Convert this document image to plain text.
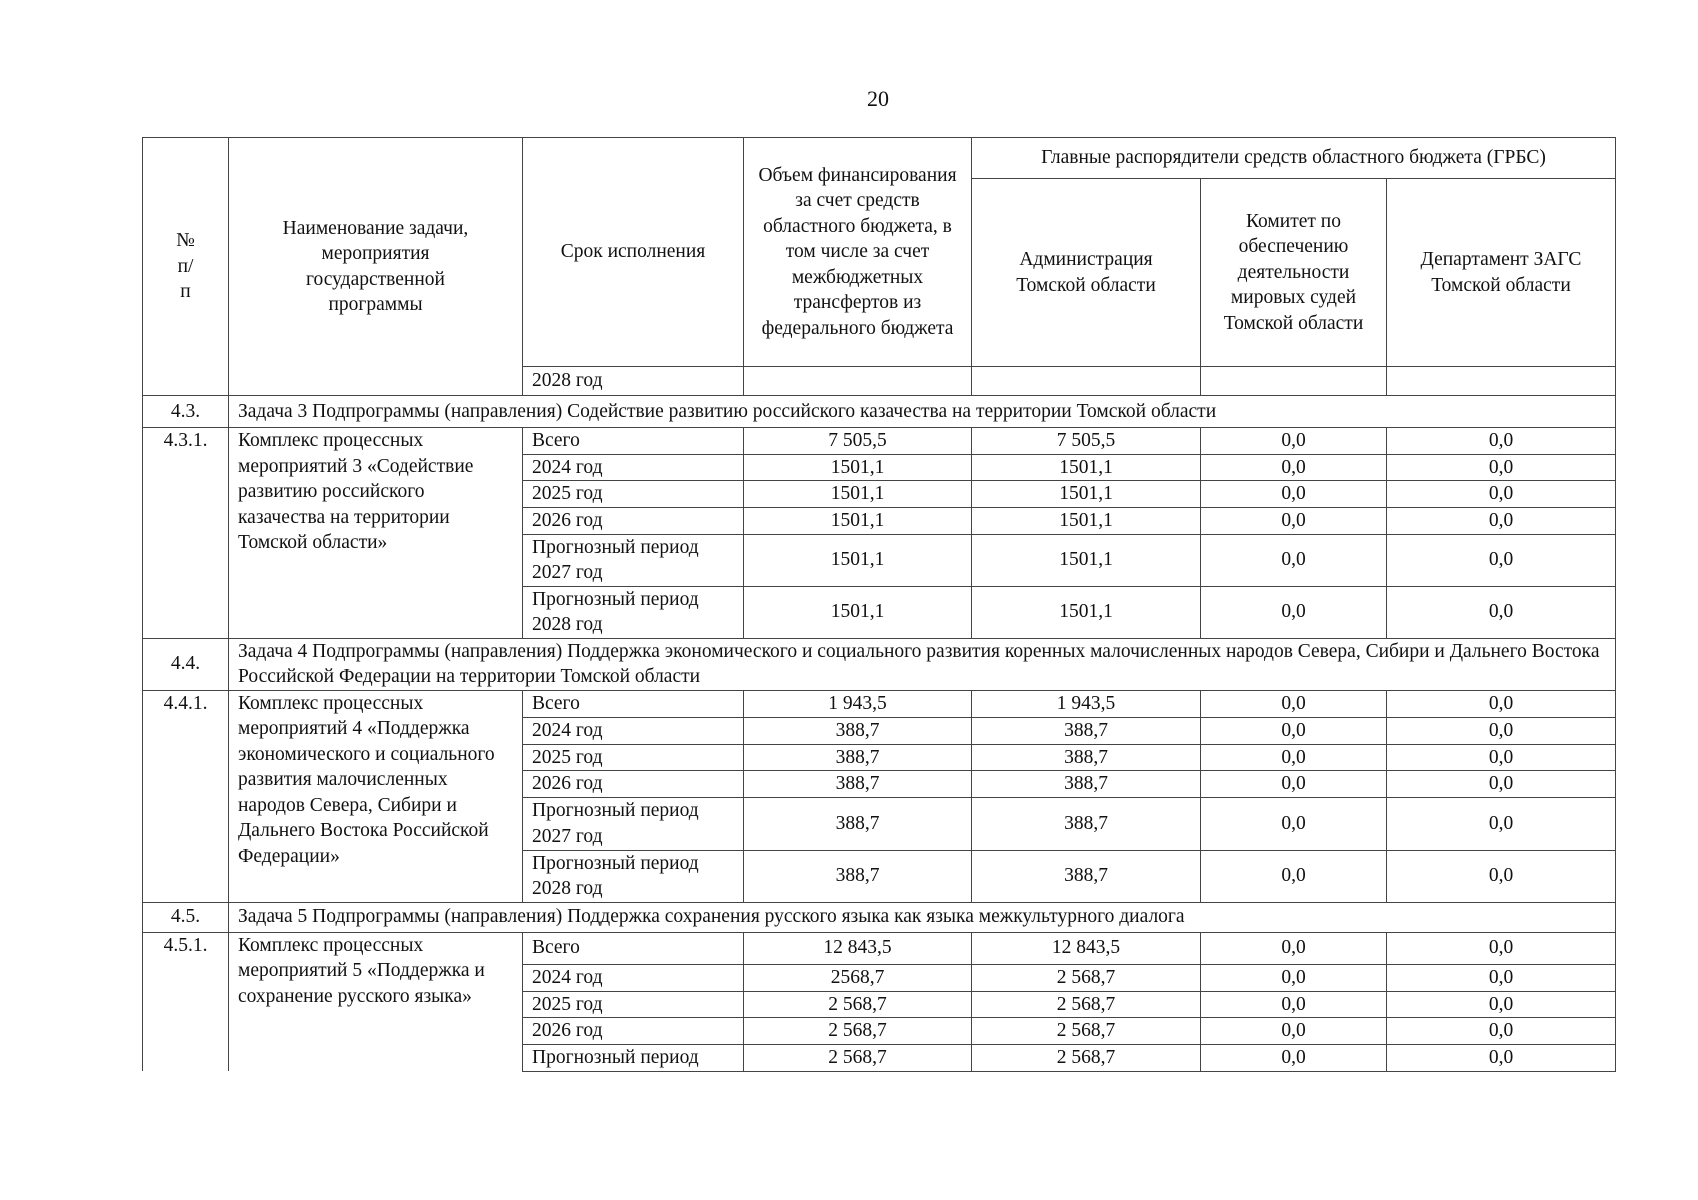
20
№ п/п	Наименование задачи, мероприятия государственной программы	Срок исполнения	Объем финансирования за счет средств областного бюджета, в том числе за счет межбюджетных трансфертов из федерального бюджета	Главные распорядители средств областного бюджета (ГРБС)		
				Администрация Томской области	Комитет по обеспечению деятельности мировых судей Томской области	Департамент ЗАГС Томской области
		2028 год				
4.3.	Задача 3 Подпрограммы (направления) Содействие развитию российского казачества на территории Томской области					
4.3.1.	Комплекс процессных мероприятий 3 «Содействие развитию российского казачества на территории Томской области»	Всего	7 505,5	7 505,5	0,0	0,0
		2024 год	1501,1	1501,1	0,0	0,0
		2025 год	1501,1	1501,1	0,0	0,0
		2026 год	1501,1	1501,1	0,0	0,0
		Прогнозный период 2027 год	1501,1	1501,1	0,0	0,0
		Прогнозный период 2028 год	1501,1	1501,1	0,0	0,0
4.4.	Задача 4 Подпрограммы (направления) Поддержка экономического и социального развития коренных малочисленных народов Севера, Сибири и Дальнего Востока Российской Федерации на территории Томской области					
4.4.1.	Комплекс процессных мероприятий 4 «Поддержка экономического и социального развития малочисленных народов Севера, Сибири и Дальнего Востока Российской Федерации»	Всего	1 943,5	1 943,5	0,0	0,0
		2024 год	388,7	388,7	0,0	0,0
		2025 год	388,7	388,7	0,0	0,0
		2026 год	388,7	388,7	0,0	0,0
		Прогнозный период 2027 год	388,7	388,7	0,0	0,0
		Прогнозный период 2028 год	388,7	388,7	0,0	0,0
4.5.	Задача 5 Подпрограммы (направления) Поддержка сохранения русского языка как языка межкультурного диалога					
4.5.1.	Комплекс процессных мероприятий 5 «Поддержка и сохранение русского языка»	Всего	12 843,5	12 843,5	0,0	0,0
		2024 год	2568,7	2 568,7	0,0	0,0
		2025 год	2 568,7	2 568,7	0,0	0,0
		2026 год	2 568,7	2 568,7	0,0	0,0
		Прогнозный период	2 568,7	2 568,7	0,0	0,0
